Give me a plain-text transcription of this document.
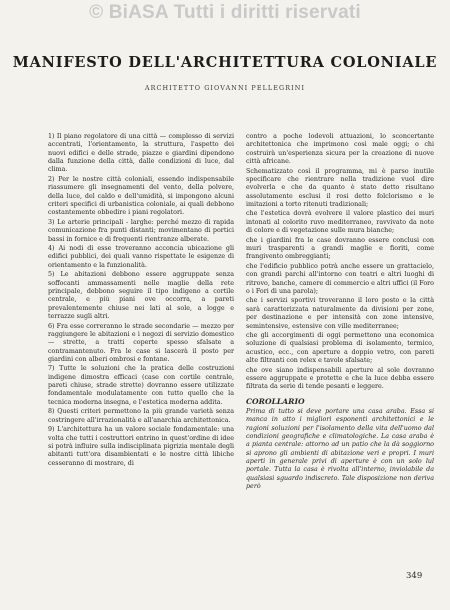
© BiASA Tutti i diritti riservati
MANIFESTO DELL'ARCHITETTURA COLONIALE
ARCHITETTO GIOVANNI PELLEGRINI

1) Il piano regolatore di una città — complesso di servizi accentrati, l'orientamento, la struttura, l'aspetto dei nuovi edifici e delle strade, piazze e giardini dipendono dalla funzione della città, dalle condizioni di luce, dal clima.

2) Per le nostre città coloniali, essendo indispensabile riassumere gli insegnamenti del vento, della polvere, della luce, del caldo e dell'umidità, si impongono alcuni criteri specifici di urbanistica coloniale, ai quali debbono costantemente obbedire i piani regolatori.

3) Le arterie principali - larghe: perché mezzo di rapida comunicazione fra punti distanti; movimentano di portici bassi in fornice e di frequenti rientranze alberate.

4) Ai nodi di esse troveranno acconcia ubicazione gli edifici pubblici, dei quali vanno rispettate le esigenze di orientamento e la funzionalità.

5) Le abitazioni debbono essere aggruppate senza soffocanti ammassamenti nelle maglie della rete principale, debbono seguire il tipo indigeno a cortile centrale, e più piani ove occorra, a pareti prevalentemente chiuse nei lati al sole, a logge e terrazze sugli altri.

6) Fra esse correranno le strade secondarie — mezzo per raggiungere le abitazioni e i negozi di servizio domestico — strette, a tratti coperte spesso sfalsate a contramantenuto. Fra le case si lascerà il posto per giardini con alberi ombrosi e fontane.

7) Tutte le soluzioni che la pratica delle costruzioni indigene dimostra efficaci (case con cortile centrale, pareti chiuse, strade strette) dovranno essere utilizzate fondamentale modulatamente con tutto quello che la tecnica moderna insegna, e l'estetica moderna addita.

8) Questi criteri permettono la più grande varietà senza costringere all'irrazionalità e all'anarchia architettonica.

9) L'architettura ha un valore sociale fondamentale: una volta che tutti i costruttori entrino in quest'ordine di idee si potrà influire sulla indisciplinata pigrizia mentale degli abitanti tutt'ora disambientati e le nostre città libiche cesseranno di mostrare, di

contro a poche lodevoli attuazioni, lo sconcertante architettonica che imprimono così male oggi; o chi costruirà un'esperienza sicura per la creazione di nuove città africane.

Schematizzato così il programma, mi è parso inutile specificare che rientrare nella tradizione vuol dire evolverla e che da quanto è stato detto risultano assolutamente esclusi il rosi detto folclorismo e le imitazioni a torto ritenuti tradizionali;

che l'estetica dovrà evolvere il valore plastico dei muri intonati al colorito ruvo mediterraneo, ravvivato da note di colore e di vegetazione sulle mura bianche;

che i giardini fra le case dovranno essere conclusi con muri trasparenti a grandi maglie e fioriti, come frangivento ombreggianti;

che l'edificio pubblico potrà anche essere un grattacielo, con grandi parchi all'intorno con teatri e altri luoghi di ritrovo, banche, camere di commercio e altri uffici (il Foro o i Fori di una parola);

che i servizi sportivi troveranno il loro posto e la città sarà caratterizzata naturalmente da divisioni per zone, per destinazione e per intensità con zone intensive, semintensive, estensive con ville mediterranee;

che gli accorgimenti di oggi permettono una economica soluzione di qualsiasi problema di isolamento, termico, acustico, ecc., con aperture a doppio vetro, con pareti alte filtranti con relex e tavole sfalsate;

che ove siano indispensabili aperture al sole dovranno essere aggruppate e protette e che la luce debba essere filtrata da serie di tende pesanti e leggere.

COROLLARIO

Prima di tutto si deve portare una casa araba. Essa si manca in atto i migliori esponenti architettonici e le ragioni soluzioni per l'isolamento della vita dell'uomo dal condizioni geografiche e climatologiche. La casa araba è a pianta centrale: attorno ad un patio che la dà soggiorno si aprono gli ambienti di abitazione veri e propri. I muri aperti in generale privi di aperture è con un solo lul portale. Tutta la casa è rivolta all'interno, inviolabile da qualsiasi sguardo indiscreto. Tale disposizione non deriva però

349
